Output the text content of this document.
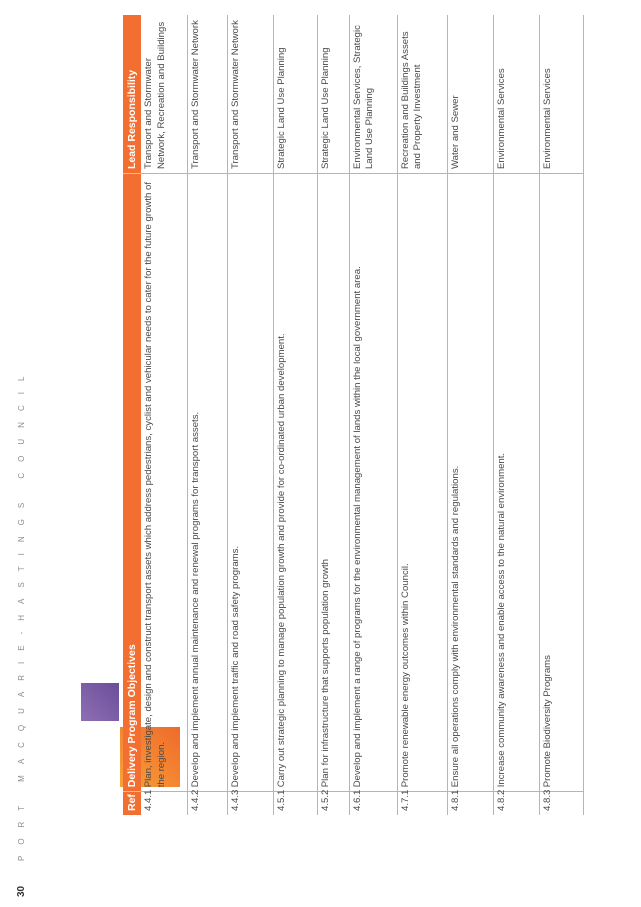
30
PORT MACQUARIE-HASTINGS COUNCIL	Ref	Delivery Program Objectives	Lead Responsibility
4.4.1	Plan, investigate, design and construct transport assets which address pedestrians, cyclist and vehicular needs to cater for the future growth of the region.	Transport and Stormwater Network, Recreation and Buildings
4.4.2	Develop and implement annual maintenance and renewal programs for transport assets.	Transport and Stormwater Network
4.4.3	Develop and implement traffic and road safety programs.	Transport and Stormwater Network
4.5.1	Carry out strategic planning to manage population growth and provide for co-ordinated urban development.	Strategic Land Use Planning
4.5.2	Plan for infrastructure that supports population growth	Strategic Land Use Planning
4.6.1	Develop and implement a range of programs for the environmental management of lands within the local government area.	Environmental Services, Strategic Land Use Planning
4.7.1	Promote renewable energy outcomes within Council.	Recreation and Buildings Assets and Property Investment
4.8.1	Ensure all operations comply with environmental standards and regulations.	Water and Sewer
4.8.2	Increase community awareness and enable access to the natural environment.	Environmental Services
4.8.3	Promote Biodiversity Programs	Environmental Services
